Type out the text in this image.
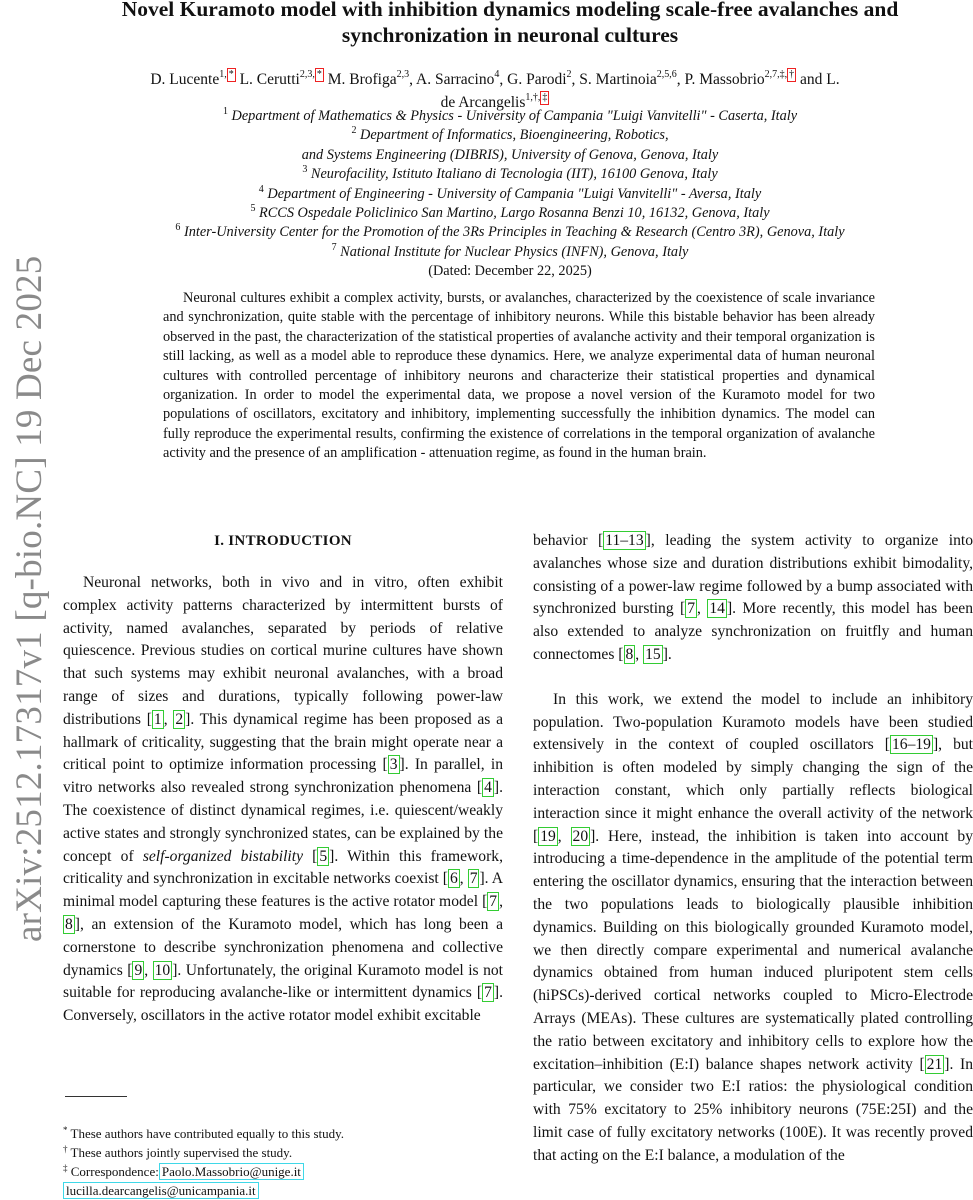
arXiv:2512.17317v1 [q-bio.NC] 19 Dec 2025
Novel Kuramoto model with inhibition dynamics modeling scale-free avalanches and synchronization in neuronal cultures
D. Lucente$^{1, *}$ L. Cerutti$^{2,3, *}$ M. Brofiga$^{2,3}$, A. Sarracino$^4$, G. Parodi$^2$, S. Martinoia$^{2,5,6}$, P. Massobrio$^{2,7,\ddagger, \dagger}$ and L. de Arcangelis$^{1,\dagger, \ddagger}$
$^1$ Department of Mathematics & Physics - University of Campania "Luigi Vanvitelli" - Caserta, Italy
$^2$ Department of Informatics, Bioengineering, Robotics,
and Systems Engineering (DIBRIS), University of Genova, Genova, Italy
$^3$ Neurofacility, Istituto Italiano di Tecnologia (IIT), 16100 Genova, Italy
$^4$ Department of Engineering - University of Campania "Luigi Vanvitelli" - Aversa, Italy
$^5$ RCCS Ospedale Policlinico San Martino, Largo Rosanna Benzi 10, 16132, Genova, Italy
$^6$ Inter-University Center for the Promotion of the 3Rs Principles in Teaching & Research (Centro 3R), Genova, Italy
$^7$ National Institute for Nuclear Physics (INFN), Genova, Italy
(Dated: December 22, 2025)

Neuronal cultures exhibit a complex activity, bursts, or avalanches, characterized by the coexistence of scale invariance and synchronization, quite stable with the percentage of inhibitory neurons. While this bistable behavior has been already observed in the past, the characterization of the statistical properties of avalanche activity and their temporal organization is still lacking, as well as a model able to reproduce these dynamics. Here, we analyze experimental data of human neuronal cultures with controlled percentage of inhibitory neurons and characterize their statistical properties and dynamical organization. In order to model the experimental data, we propose a novel version of the Kuramoto model for two populations of oscillators, excitatory and inhibitory, implementing successfully the inhibition dynamics. The model can fully reproduce the experimental results, confirming the existence of correlations in the temporal organization of avalanche activity and the presence of an amplification - attenuation regime, as found in the human brain.

I. INTRODUCTION

Neuronal networks, both in vivo and in vitro, often exhibit complex activity patterns characterized by intermittent bursts of activity, named avalanches, separated by periods of relative quiescence. Previous studies on cortical murine cultures have shown that such systems may exhibit neuronal avalanches, with a broad range of sizes and durations, typically following power-law distributions [ 1 , 2 ]. This dynamical regime has been proposed as a hallmark of criticality, suggesting that the brain might operate near a critical point to optimize information processing [ 3 ]. In parallel, in vitro networks also revealed strong synchronization phenomena [ 4 ]. The coexistence of distinct dynamical regimes, i.e. quiescent/weakly active states and strongly synchronized states, can be explained by the concept of self-organized bistability [ 5 ]. Within this framework, criticality and synchronization in excitable networks coexist [ 6 , 7 ]. A minimal model capturing these features is the active rotator model [ 7 , 8 ], an extension of the Kuramoto model, which has long been a cornerstone to describe synchronization phenomena and collective dynamics [ 9 , 10 ]. Unfortunately, the original Kuramoto model is not suitable for reproducing avalanche-like or intermittent dynamics [ 7 ]. Conversely, oscillators in the active rotator model exhibit excitable

behavior [ 11–13 ], leading the system activity to organize into avalanches whose size and duration distributions exhibit bimodality, consisting of a power-law regime followed by a bump associated with synchronized bursting [ 7 , 14 ]. More recently, this model has been also extended to analyze synchronization on fruitfly and human connectomes [ 8 , 15 ].

In this work, we extend the model to include an inhibitory population. Two-population Kuramoto models have been studied extensively in the context of coupled oscillators [ 16–19 ], but inhibition is often modeled by simply changing the sign of the interaction constant, which only partially reflects biological interaction since it might enhance the overall activity of the network [ 19 , 20 ]. Here, instead, the inhibition is taken into account by introducing a time-dependence in the amplitude of the potential term entering the oscillator dynamics, ensuring that the interaction between the two populations leads to biologically plausible inhibition dynamics. Building on this biologically grounded Kuramoto model, we then directly compare experimental and numerical avalanche dynamics obtained from human induced pluripotent stem cells (hiPSCs)-derived cortical networks coupled to Micro-Electrode Arrays (MEAs). These cultures are systematically plated controlling the ratio between excitatory and inhibitory cells to explore how the excitation–inhibition (E:I) balance shapes network activity [ 21 ]. In particular, we consider two E:I ratios: the physiological condition with 75% excitatory to 25% inhibitory neurons (75E:25I) and the limit case of fully excitatory networks (100E). It was recently proved that acting on the E:I balance, a modulation of the

* These authors have contributed equally to this study.
† These authors jointly supervised the study.
‡ Correspondence: Paolo.Massobrio@unige.it
lucilla.dearcangelis@unicampania.it
